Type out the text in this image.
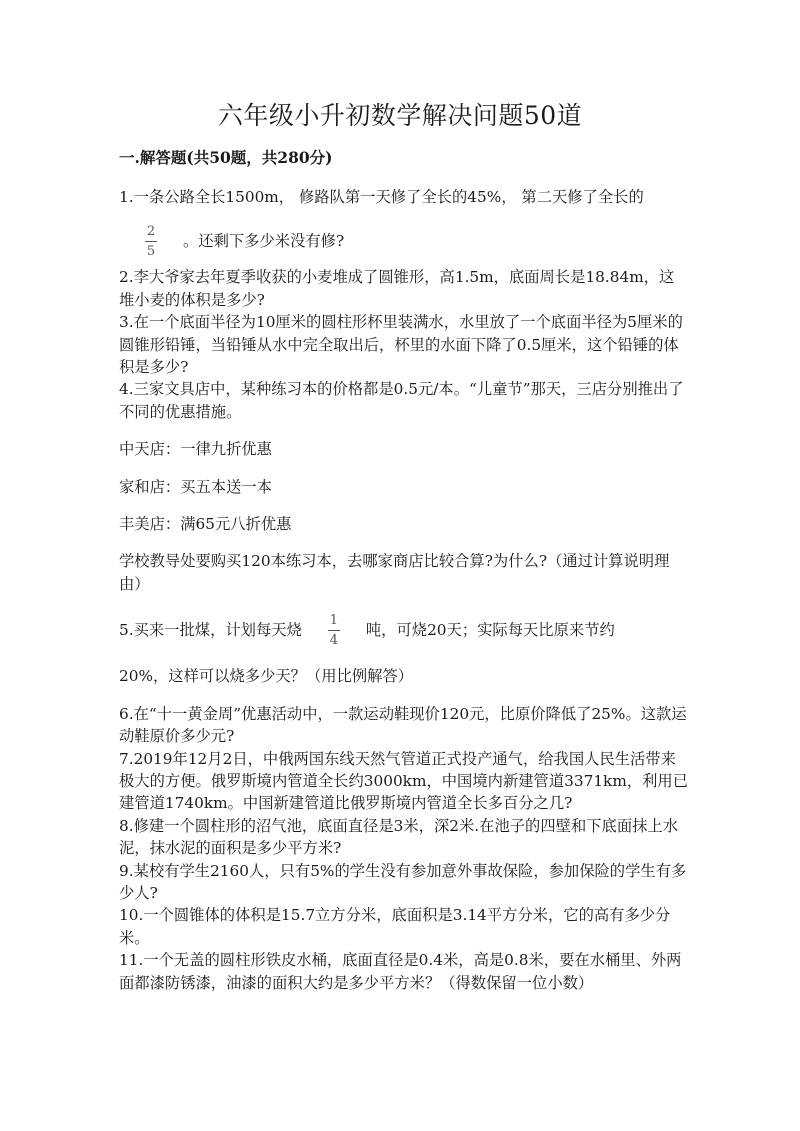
六年级小升初数学解决问题50道
一.解答题(共50题，共280分)

1.一条公路全长1500m， 修路队第一天修了全长的45%， 第二天修了全长的

$\frac{2}{5}$ 。还剩下多少米没有修?

2.李大爷家去年夏季收获的小麦堆成了圆锥形，高1.5m，底面周长是18.84m，这堆小麦的体积是多少?

3.在一个底面半径为10厘米的圆柱形杯里装满水，水里放了一个底面半径为5厘米的圆锥形铅锤，当铅锤从水中完全取出后，杯里的水面下降了0.5厘米，这个铅锤的体积是多少?

4.三家文具店中，某种练习本的价格都是0.5元/本。“儿童节”那天，三店分别推出了不同的优惠措施。

中天店：一律九折优惠

家和店：买五本送一本

丰美店：满65元八折优惠

学校教导处要购买120本练习本，去哪家商店比较合算?为什么?（通过计算说明理由）

5.买来一批煤，计划每天烧 $\frac{1}{4}$ 吨，可烧20天；实际每天比原来节约

20%，这样可以烧多少天？（用比例解答）

6.在“十一黄金周”优惠活动中，一款运动鞋现价120元，比原价降低了25%。这款运动鞋原价多少元?

7.2019年12月2日，中俄两国东线天然气管道正式投产通气，给我国人民生活带来极大的方便。俄罗斯境内管道全长约3000km，中国境内新建管道3371km，利用已建管道1740km。中国新建管道比俄罗斯境内管道全长多百分之几?

8.修建一个圆柱形的沼气池，底面直径是3米，深2米.在池子的四壁和下底面抹上水泥，抹水泥的面积是多少平方米?

9.某校有学生2160人，只有5%的学生没有参加意外事故保险，参加保险的学生有多少人?

10.一个圆锥体的体积是15.7立方分米，底面积是3.14平方分米，它的高有多少分米。

11.一个无盖的圆柱形铁皮水桶，底面直径是0.4米，高是0.8米，要在水桶里、外两面都漆防锈漆，油漆的面积大约是多少平方米？（得数保留一位小数）
